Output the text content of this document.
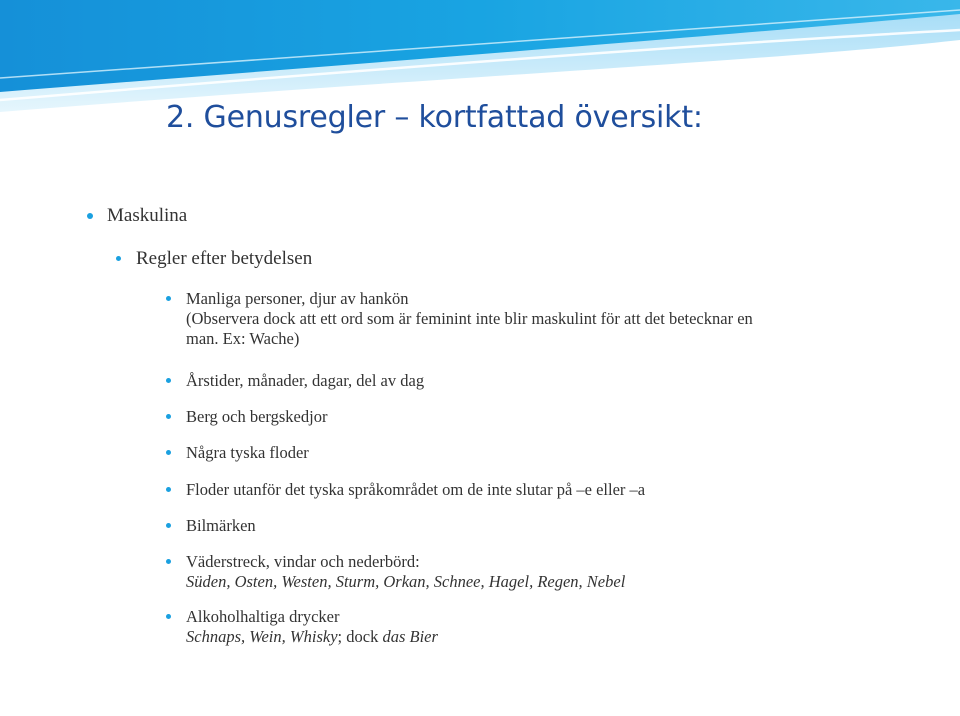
2. Genusregler – kortfattad översikt:
Maskulina
Regler efter betydelsen
Manliga personer, djur av hankön
(Observera dock att ett ord som är feminint inte blir maskulint för att det betecknar en
man. Ex: Wache)
Årstider, månader, dagar, del av dag
Berg och bergskedjor
Några tyska floder
Floder utanför det tyska språkområdet om de inte slutar på –e eller –a
Bilmärken
Väderstreck, vindar och nederbörd:
Süden, Osten, Westen, Sturm, Orkan, Schnee, Hagel, Regen, Nebel
Alkoholhaltiga drycker
Schnaps, Wein, Whisky; dock das Bier
